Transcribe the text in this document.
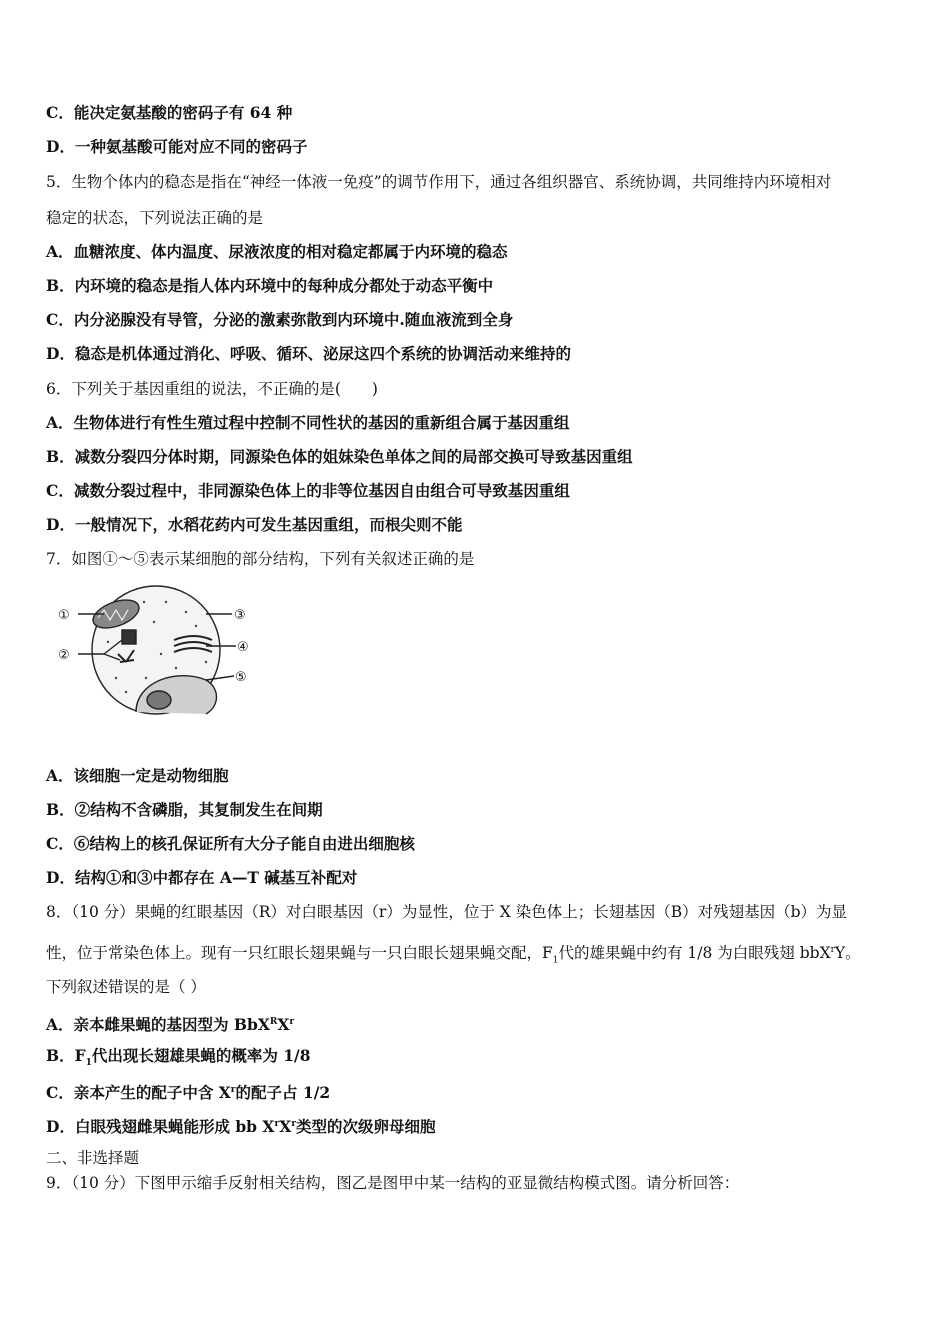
C．能决定氨基酸的密码子有 64 种
D．一种氨基酸可能对应不同的密码子
5．生物个体内的稳态是指在“神经一体液一免疫”的调节作用下，通过各组织器官、系统协调，共同维持内环境相对
稳定的状态，下列说法正确的是
A．血糖浓度、体内温度、尿液浓度的相对稳定都属于内环境的稳态
B．内环境的稳态是指人体内环境中的每种成分都处于动态平衡中
C．内分泌腺没有导管，分泌的激素弥散到内环境中.随血液流到全身
D．稳态是机体通过消化、呼吸、循环、泌尿这四个系统的协调活动来维持的
6．下列关于基因重组的说法，不正确的是(　　)
A．生物体进行有性生殖过程中控制不同性状的基因的重新组合属于基因重组
B．减数分裂四分体时期，同源染色体的姐妹染色单体之间的局部交换可导致基因重组
C．减数分裂过程中，非同源染色体上的非等位基因自由组合可导致基因重组
D．一般情况下，水稻花药内可发生基因重组，而根尖则不能
7．如图①～⑤表示某细胞的部分结构，下列有关叙述正确的是
①
②
③
④
⑤
A．该细胞一定是动物细胞
B．②结构不含磷脂，其复制发生在间期
C．⑥结构上的核孔保证所有大分子能自由进出细胞核
D．结构①和③中都存在 A—T 碱基互补配对
8．（10 分）果蝇的红眼基因（R）对白眼基因（r）为显性，位于 X 染色体上；长翅基因（B）对残翅基因（b）为显
性，位于常染色体上。现有一只红眼长翅果蝇与一只白眼长翅果蝇交配，$F_1$代的雄果蝇中约有 1/8 为白眼残翅 bbX$^r$Y。
下列叙述错误的是（ ）
A．亲本雌果蝇的基因型为 $BbX^RX^r$
B．$F_1$代出现长翅雄果蝇的概率为 1/8
C．亲本产生的配子中含 $X^r$的配子占 1/2
D．白眼残翅雌果蝇能形成 bb $X^rX^r$类型的次级卵母细胞
二、非选择题
9．（10 分）下图甲示缩手反射相关结构，图乙是图甲中某一结构的亚显微结构模式图。请分析回答：
